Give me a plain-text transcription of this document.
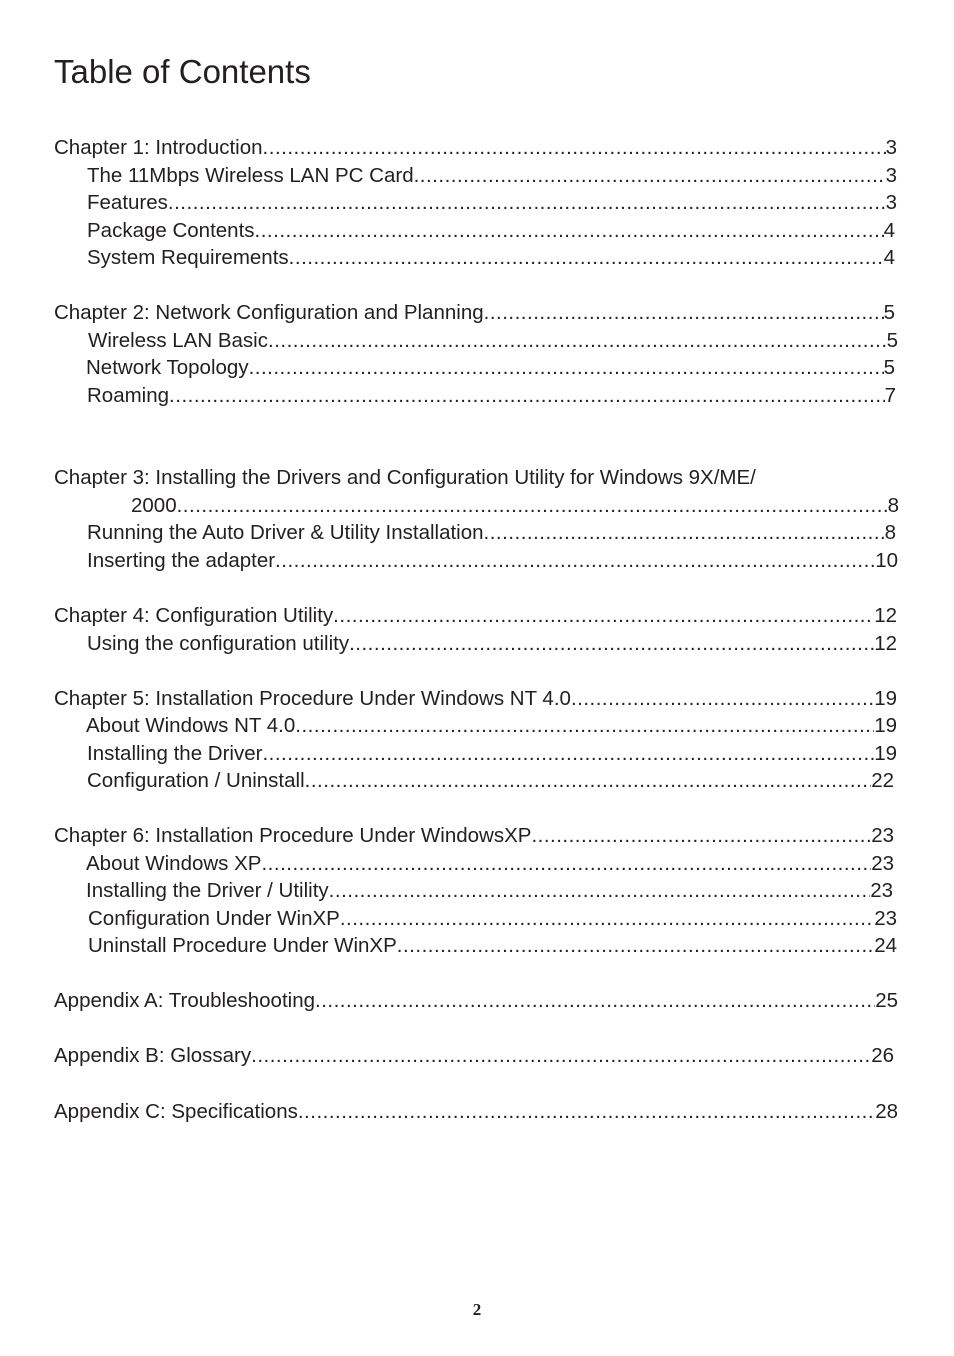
Table of Contents
Chapter 1: Introduction .....	3
The 11Mbps Wireless LAN PC Card .....	3
Features .....	3
Package Contents .....	4
System Requirements .....	4
Chapter 2: Network Configuration and Planning .....	5
Wireless LAN Basic .....	5
Network Topology .....	5
Roaming .....	7
Chapter 3: Installing the Drivers and Configuration Utility for Windows 9X/ME/
2000 .....	8
Running the Auto Driver & Utility Installation .....	8
Inserting the adapter .....	10
Chapter 4: Configuration Utility .....	12
Using the configuration utility .....	12
Chapter 5: Installation Procedure Under Windows NT 4.0 .....	19
About Windows NT 4.0 .....	19
Installing the Driver .....	19
Configuration / Uninstall .....	22
Chapter 6: Installation Procedure Under WindowsXP .....	23
About Windows XP .....	23
Installing the Driver / Utility .....	23
Configuration Under WinXP .....	23
Uninstall Procedure Under WinXP .....	24
Appendix A: Troubleshooting .....	25
Appendix B: Glossary .....	26
Appendix C: Specifications .....	28
2
